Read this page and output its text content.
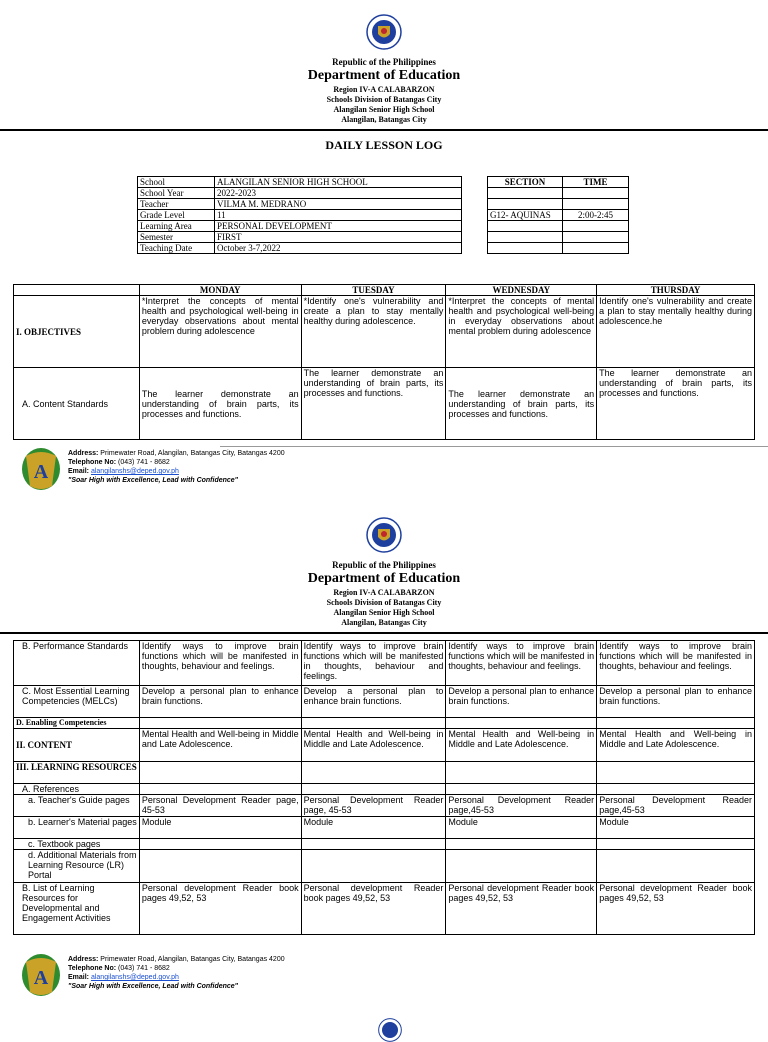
Republic of the Philippines
Department of Education
Region IV-A CALABARZON
Schools Division of Batangas City
Alangilan Senior High School
Alangilan, Batangas City
DAILY LESSON LOG
School	ALANGILAN SENIOR HIGH SCHOOL
School Year	2022-2023
Teacher	VILMA M. MEDRANO
Grade Level	11
Learning Area	PERSONAL DEVELOPMENT
Semester	FIRST
Teaching Date	October 3-7,2022
SECTION	TIME

G12- AQUINAS	2:00-2:45

	MONDAY	TUESDAY	WEDNESDAY	THURSDAY
I. OBJECTIVES	*Interpret the concepts of mental health and psychological well-being in everyday observations about mental problem during adolescence	*Identify one's vulnerability and create a plan to stay mentally healthy during adolescence.	*Interpret the concepts of mental health and psychological well-being in everyday observations about mental problem during adolescence	Identify one's vulnerability and create a plan to stay mentally healthy during adolescence.he
A. Content Standards	The learner demonstrate an understanding of brain parts, its processes and functions.	The learner demonstrate an understanding of brain parts, its processes and functions.	The learner demonstrate an understanding of brain parts, its processes and functions.	The learner demonstrate an understanding of brain parts, its processes and functions.
A
Address: Primewater Road, Alangilan, Batangas City, Batangas 4200
Telephone No: (043) 741 - 8682
Email: alangilanshs@deped.gov.ph
"Soar High with Excellence, Lead with Confidence"
Republic of the Philippines
Department of Education
Region IV-A CALABARZON
Schools Division of Batangas City
Alangilan Senior High School
Alangilan, Batangas City
B. Performance Standards	Identify ways to improve brain functions which will be manifested in thoughts, behaviour and feelings.	Identify ways to improve brain functions which will be manifested in thoughts, behaviour and feelings.	Identify ways to improve brain functions which will be manifested in thoughts, behaviour and feelings.	Identify ways to improve brain functions which will be manifested in thoughts, behaviour and feelings.
C. Most Essential Learning Competencies (MELCs)	Develop a personal plan to enhance brain functions.	Develop a personal plan to enhance brain functions.	Develop a personal plan to enhance brain functions.	Develop a personal plan to enhance brain functions.
D. Enabling Competencies				
II. CONTENT	Mental Health and Well-being in Middle and Late Adolescence.	Mental Health and Well-being in Middle and Late Adolescence.	Mental Health and Well-being in Middle and Late Adolescence.	Mental Health and Well-being in Middle and Late Adolescence.
III. LEARNING RESOURCES				
A. References				
a. Teacher's Guide pages	Personal Development Reader page, 45-53	Personal Development Reader page, 45-53	Personal Development Reader page,45-53	Personal Development Reader page,45-53
b. Learner's Material pages	Module	Module	Module	Module
c. Textbook pages				
d. Additional Materials from Learning Resource (LR) Portal				
B. List of Learning Resources for Developmental and Engagement Activities	Personal development Reader book pages 49,52, 53	Personal development Reader book pages 49,52, 53	Personal development Reader book pages 49,52, 53	Personal development Reader book pages 49,52, 53
A
Address: Primewater Road, Alangilan, Batangas City, Batangas 4200
Telephone No: (043) 741 - 8682
Email: alangilanshs@deped.gov.ph
"Soar High with Excellence, Lead with Confidence"
